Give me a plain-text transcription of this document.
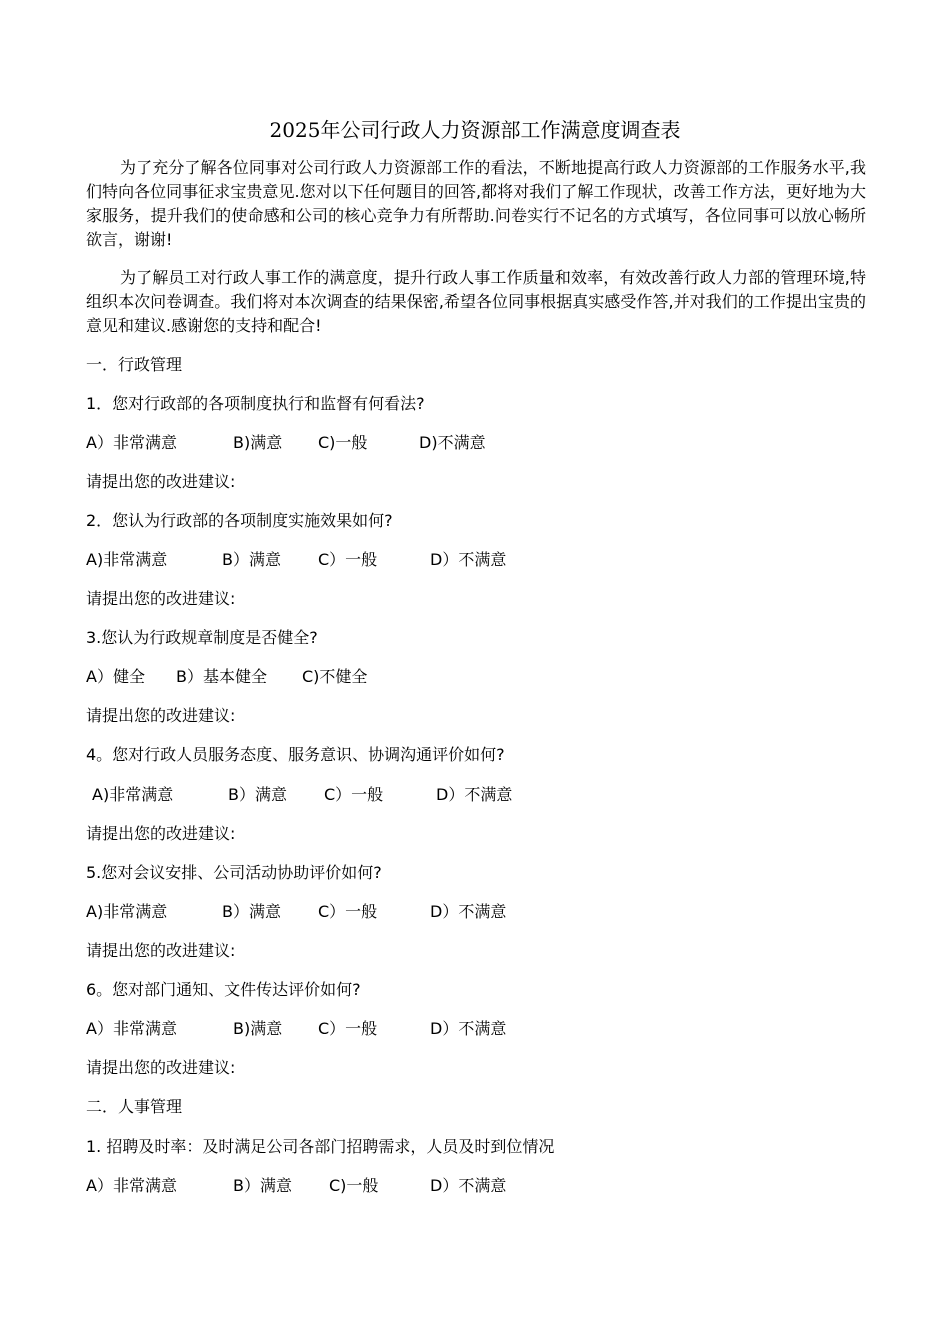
2025年公司行政人力资源部工作满意度调查表
为了充分了解各位同事对公司行政人力资源部工作的看法，不断地提高行政人力资源部的工作服务水平,我们特向各位同事征求宝贵意见.您对以下任何题目的回答,都将对我们了解工作现状，改善工作方法，更好地为大家服务，提升我们的使命感和公司的核心竞争力有所帮助.问卷实行不记名的方式填写，各位同事可以放心畅所欲言，谢谢!
为了解员工对行政人事工作的满意度，提升行政人事工作质量和效率，有效改善行政人力部的管理环境,特组织本次问卷调查。我们将对本次调查的结果保密,希望各位同事根据真实感受作答,并对我们的工作提出宝贵的意见和建议.感谢您的支持和配合!
一．行政管理
1．您对行政部的各项制度执行和监督有何看法?
A）非常满意	B)满意 C)一般	D)不满意
请提出您的改进建议:
2．您认为行政部的各项制度实施效果如何?
A)非常满意	B）满意 C）一般	D）不满意
请提出您的改进建议:
3.您认为行政规章制度是否健全?
A）健全 B）基本健全 C)不健全
请提出您的改进建议:
4。您对行政人员服务态度、服务意识、协调沟通评价如何?
A)非常满意	B）满意 C）一般	D）不满意
请提出您的改进建议:
5.您对会议安排、公司活动协助评价如何?
A)非常满意	B）满意 C）一般	D）不满意
请提出您的改进建议:
6。您对部门通知、文件传达评价如何?
A）非常满意	B)满意 C）一般	D）不满意
请提出您的改进建议:
二．人事管理
1. 招聘及时率：及时满足公司各部门招聘需求，人员及时到位情况
A）非常满意	B）满意 C)一般	D）不满意
